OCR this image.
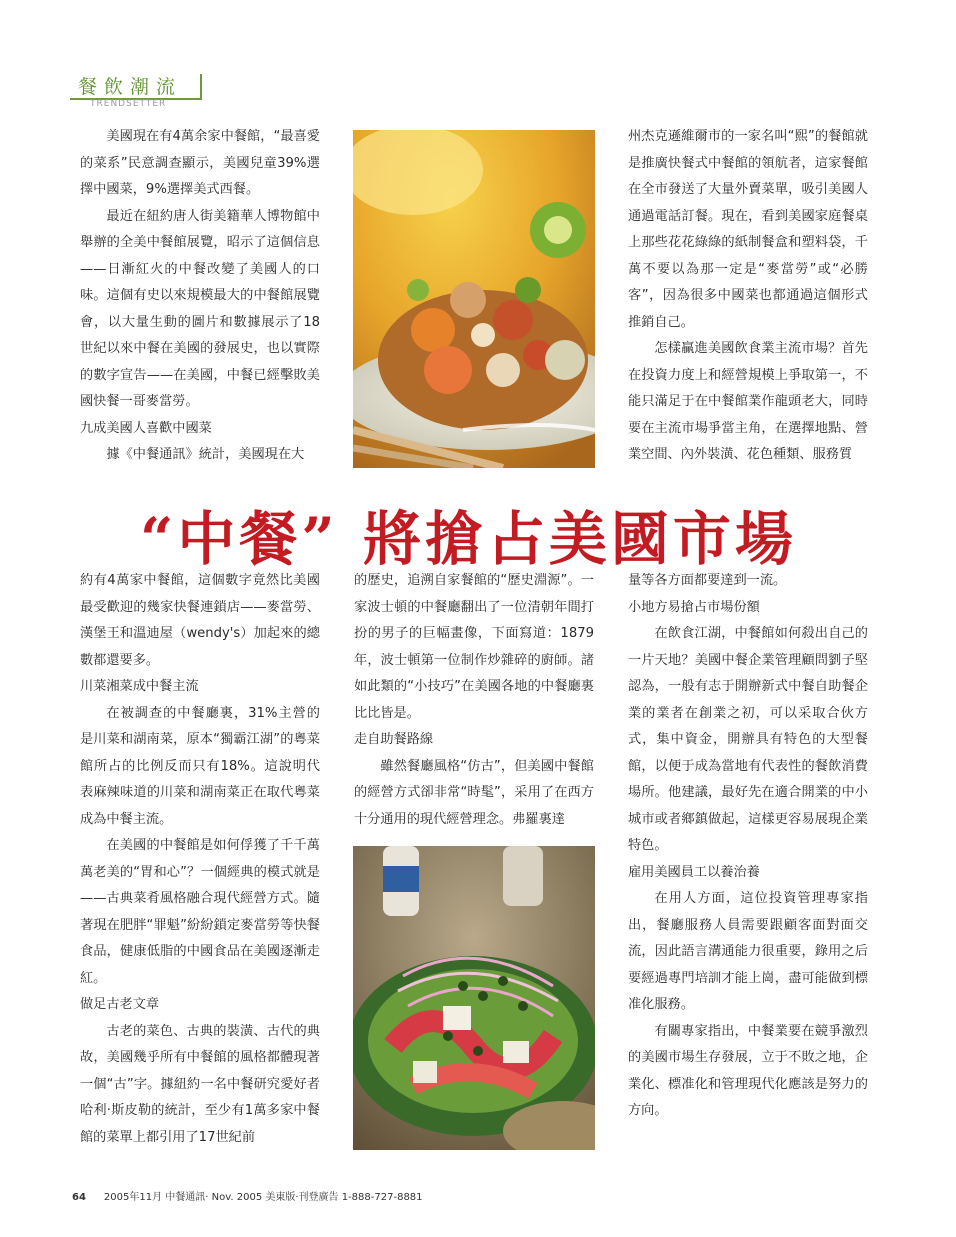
餐飲潮流
TRENDSETTER

美國現在有4萬余家中餐館，“最喜愛的菜系”民意調查顯示，美國兒童39%選擇中國菜，9%選擇美式西餐。

最近在紐約唐人街美籍華人博物館中舉辦的全美中餐館展覽，昭示了這個信息——日漸紅火的中餐改變了美國人的口味。這個有史以來規模最大的中餐館展覽會，以大量生動的圖片和數據展示了18世紀以來中餐在美國的發展史，也以實際的數字宣告——在美國，中餐已經擊敗美國快餐一哥麥當勞。

九成美國人喜歡中國菜

據《中餐通訊》統計，美國現在大

州杰克遜維爾市的一家名叫“熙”的餐館就是推廣快餐式中餐館的領航者，這家餐館在全市發送了大量外賣菜單，吸引美國人通過電話訂餐。現在，看到美國家庭餐桌上那些花花綠綠的紙制餐盒和塑料袋，千萬不要以為那一定是“麥當勞”或“必勝客”，因為很多中國菜也都通過這個形式推銷自己。

怎樣贏進美國飲食業主流市場？首先在投資力度上和經營規模上爭取第一，不能只滿足于在中餐館業作龍頭老大，同時要在主流市場爭當主角，在選擇地點、營業空間、內外裝潢、花色種類、服務質

“中餐” 將搶占美國市場

約有4萬家中餐館，這個數字竟然比美國最受歡迎的幾家快餐連鎖店——麥當勞、漢堡王和溫迪屋（wendy's）加起來的總數都還要多。

川菜湘菜成中餐主流

在被調查的中餐廳裏，31%主營的是川菜和湖南菜，原本“獨霸江湖”的粵菜館所占的比例反而只有18%。這說明代表麻辣味道的川菜和湖南菜正在取代粵菜成為中餐主流。

在美國的中餐館是如何俘獲了千千萬萬老美的“胃和心”？一個經典的模式就是——古典菜肴風格融合現代經營方式。隨著現在肥胖“罪魁”紛紛鎖定麥當勞等快餐食品，健康低脂的中國食品在美國逐漸走紅。

做足古老文章

古老的菜色、古典的裝潢、古代的典故，美國幾乎所有中餐館的風格都體現著一個“古”字。據紐約一名中餐研究愛好者哈利·斯皮勒的統計，至少有1萬多家中餐館的菜單上都引用了17世紀前

的歷史，追溯自家餐館的“歷史淵源”。一家波士頓的中餐廳翻出了一位清朝年間打扮的男子的巨幅畫像，下面寫道：1879年，波士頓第一位制作炒雜碎的廚師。諸如此類的“小技巧”在美國各地的中餐廳裏比比皆是。

走自助餐路線

雖然餐廳風格“仿古”，但美國中餐館的經營方式卻非常“時髦”，采用了在西方十分通用的現代經營理念。弗羅裏達

量等各方面都要達到一流。

小地方易搶占市場份額

在飲食江湖，中餐館如何殺出自己的一片天地？美國中餐企業管理顧問劉子堅認為，一般有志于開辦新式中餐自助餐企業的業者在創業之初，可以采取合伙方式，集中資金，開辦具有特色的大型餐館，以便于成為當地有代表性的餐飲消費場所。他建議，最好先在適合開業的中小城市或者鄉鎮做起，這樣更容易展現企業特色。

雇用美國員工以養治養

在用人方面，這位投資管理專家指出，餐廳服務人員需要跟顧客面對面交流，因此語言溝通能力很重要，錄用之后要經過專門培訓才能上崗，盡可能做到標准化服務。

有關專家指出，中餐業要在競爭激烈的美國市場生存發展，立于不敗之地，企業化、標准化和管理現代化應該是努力的方向。

64 2005年11月 中餐通訊· Nov. 2005 美東版·刊登廣告 1-888-727-8881
